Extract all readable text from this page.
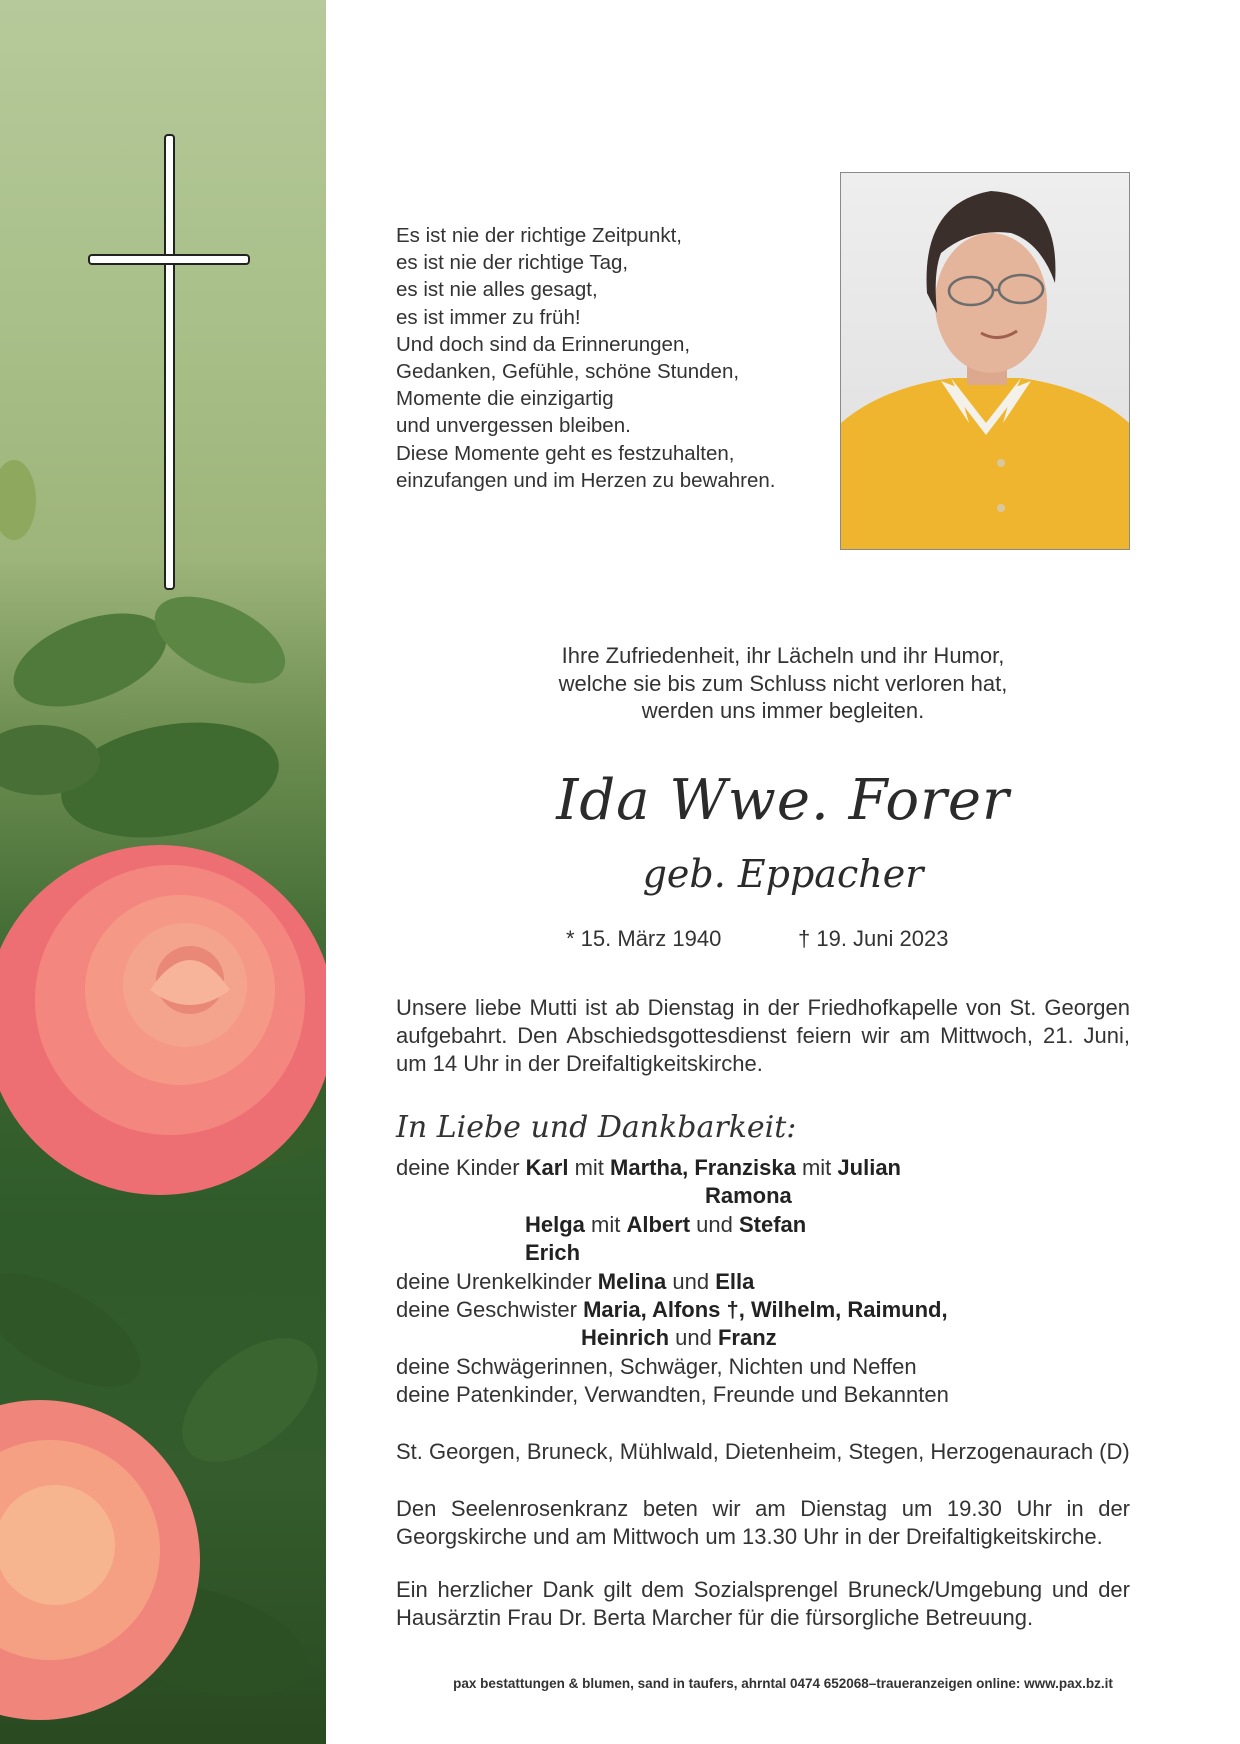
Es ist nie der richtige Zeitpunkt,
es ist nie der richtige Tag,
es ist nie alles gesagt,
es ist immer zu früh!
Und doch sind da Erinnerungen,
Gedanken, Gefühle, schöne Stunden,
Momente die einzigartig
und unvergessen bleiben.
Diese Momente geht es festzuhalten,
einzufangen und im Herzen zu bewahren.
Ihre Zufriedenheit, ihr Lächeln und ihr Humor,
welche sie bis zum Schluss nicht verloren hat,
werden uns immer begleiten.
Ida Wwe. Forer
geb. Eppacher
* 15. März 1940	† 19. Juni 2023
Unsere liebe Mutti ist ab Dienstag in der Friedhofkapelle von St. Georgen
aufgebahrt. Den Abschiedsgottesdienst feiern wir am Mittwoch, 21. Juni,
um 14 Uhr in der Dreifaltigkeitskirche.
In Liebe und Dankbarkeit:
deine Kinder Karl mit Martha, Franziska mit Julian
Ramona
Helga mit Albert und Stefan
Erich
deine Urenkelkinder Melina und Ella
deine Geschwister Maria, Alfons †, Wilhelm, Raimund,
Heinrich und Franz
deine Schwägerinnen, Schwäger, Nichten und Neffen
deine Patenkinder, Verwandten, Freunde und Bekannten
St. Georgen, Bruneck, Mühlwald, Dietenheim, Stegen, Herzogenaurach (D)
Den Seelenrosenkranz beten wir am Dienstag um 19.30 Uhr in der
Georgskirche und am Mittwoch um 13.30 Uhr in der Dreifaltigkeitskirche.
Ein herzlicher Dank gilt dem Sozialsprengel Bruneck/Umgebung und der
Hausärztin Frau Dr. Berta Marcher für die fürsorgliche Betreuung.
pax bestattungen & blumen, sand in taufers, ahrntal 0474 652068–traueranzeigen online: www.pax.bz.it
